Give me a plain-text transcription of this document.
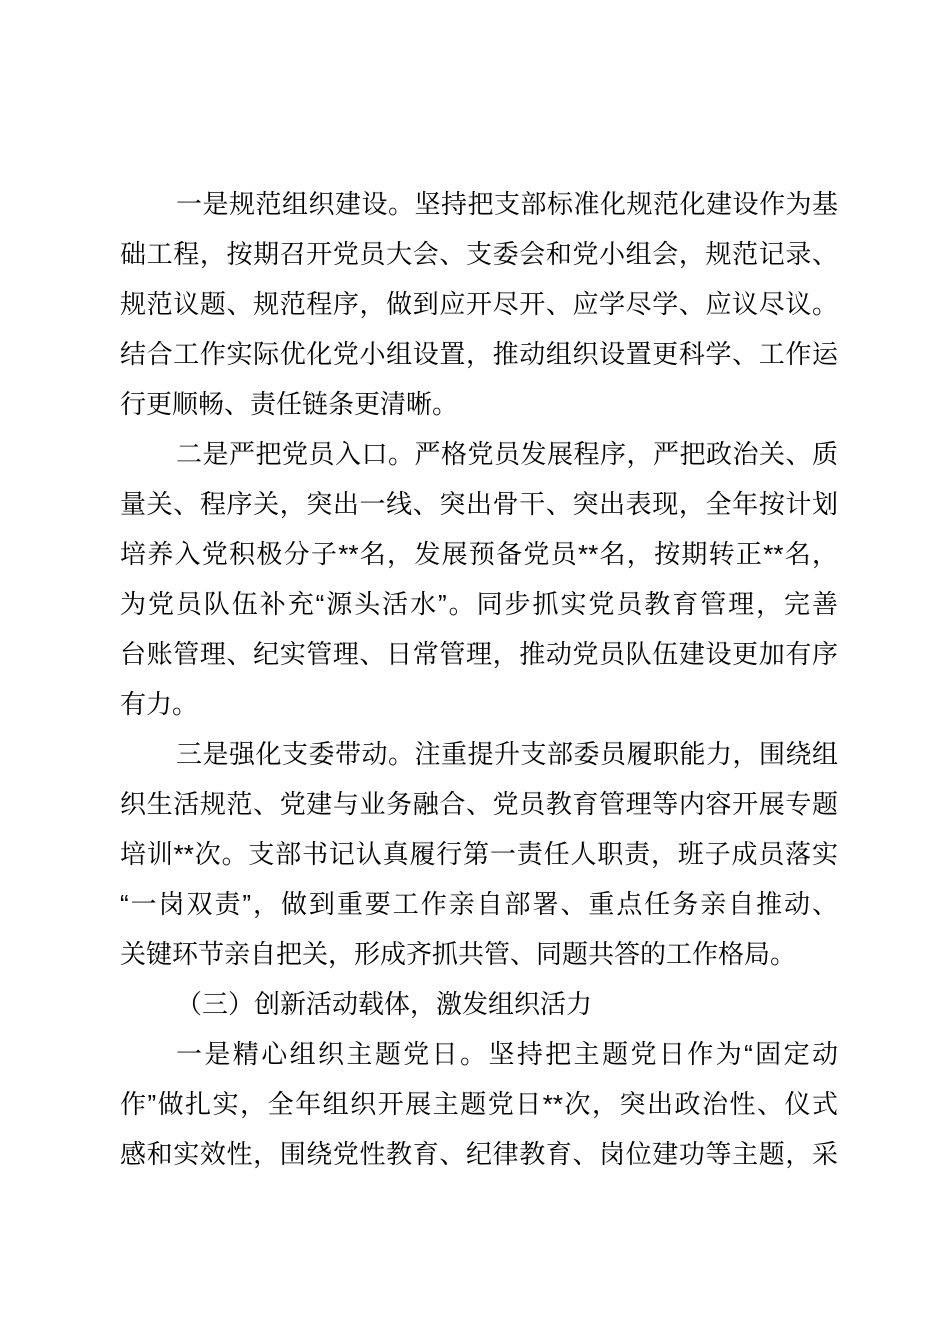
一是规范组织建设。坚持把支部标准化规范化建设作为基
础工程，按期召开党员大会、支委会和党小组会，规范记录、
规范议题、规范程序，做到应开尽开、应学尽学、应议尽议。
结合工作实际优化党小组设置，推动组织设置更科学、工作运
行更顺畅、责任链条更清晰。
二是严把党员入口。严格党员发展程序，严把政治关、质
量关、程序关，突出一线、突出骨干、突出表现，全年按计划
培养入党积极分子**名，发展预备党员**名，按期转正**名，
为党员队伍补充“源头活水”。同步抓实党员教育管理，完善
台账管理、纪实管理、日常管理，推动党员队伍建设更加有序
有力。
三是强化支委带动。注重提升支部委员履职能力，围绕组
织生活规范、党建与业务融合、党员教育管理等内容开展专题
培训**次。支部书记认真履行第一责任人职责，班子成员落实
“一岗双责”，做到重要工作亲自部署、重点任务亲自推动、
关键环节亲自把关，形成齐抓共管、同题共答的工作格局。
（三）创新活动载体，激发组织活力
一是精心组织主题党日。坚持把主题党日作为“固定动
作”做扎实，全年组织开展主题党日**次，突出政治性、仪式
感和实效性，围绕党性教育、纪律教育、岗位建功等主题，采
